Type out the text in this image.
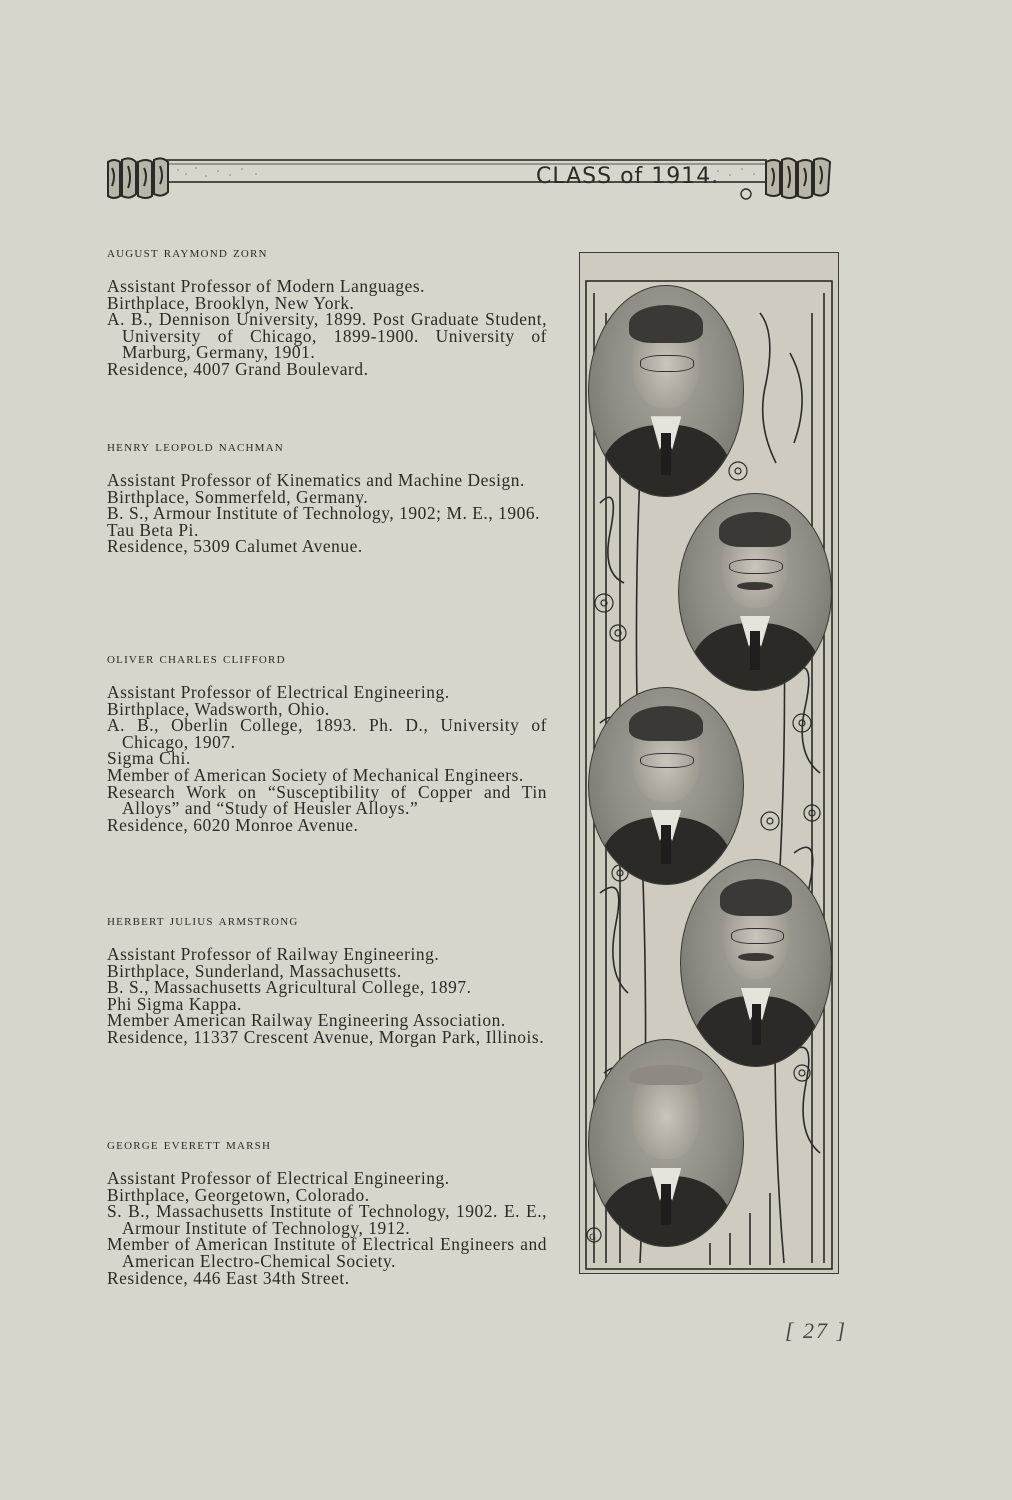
CLASS of 1914.
august raymond zorn

Assistant Professor of Modern Languages.

Birthplace, Brooklyn, New York.

A. B., Dennison University, 1899. Post Graduate Student, University of Chicago, 1899-1900. University of Marburg, Germany, 1901.

Residence, 4007 Grand Boulevard.

henry leopold nachman

Assistant Professor of Kinematics and Machine Design.

Birthplace, Sommerfeld, Germany.

B. S., Armour Institute of Technology, 1902; M. E., 1906.

Tau Beta Pi.

Residence, 5309 Calumet Avenue.

oliver charles clifford

Assistant Professor of Electrical Engineering.

Birthplace, Wadsworth, Ohio.

A. B., Oberlin College, 1893. Ph. D., University of Chicago, 1907.

Sigma Chi.

Member of American Society of Mechanical Engineers.

Research Work on “Susceptibility of Copper and Tin Alloys” and “Study of Heusler Alloys.”

Residence, 6020 Monroe Avenue.

herbert julius armstrong

Assistant Professor of Railway Engineering.

Birthplace, Sunderland, Massachusetts.

B. S., Massachusetts Agricultural College, 1897.

Phi Sigma Kappa.

Member American Railway Engineering Association.

Residence, 11337 Crescent Avenue, Morgan Park, Illinois.

george everett marsh

Assistant Professor of Electrical Engineering.

Birthplace, Georgetown, Colorado.

S. B., Massachusetts Institute of Technology, 1902. E. E., Armour Institute of Technology, 1912.

Member of American Institute of Electrical Engineers and American Electro-Chemical Society.

Residence, 446 East 34th Street.

G
[ 27 ]
